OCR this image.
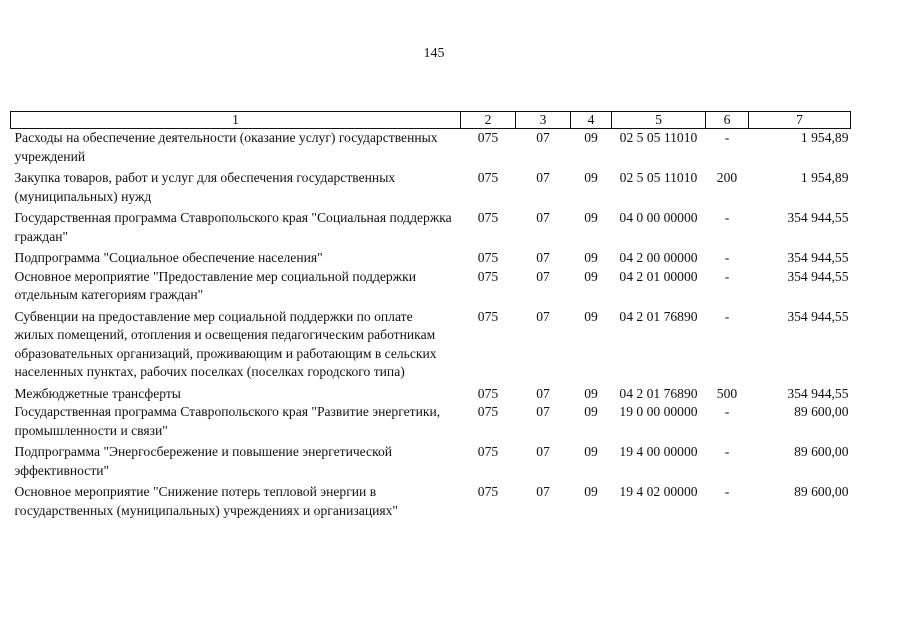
145
1	2	3	4	5	6	7
Расходы на обеспечение деятельности (оказание услуг) государственных учреждений	075	07	09	02 5 05 11010	-	1 954,89
Закупка товаров, работ и услуг для обеспечения государственных (муниципальных) нужд	075	07	09	02 5 05 11010	200	1 954,89
Государственная программа Ставропольского края "Социальная поддержка граждан"	075	07	09	04 0 00 00000	-	354 944,55
Подпрограмма "Социальное обеспечение населения"	075	07	09	04 2 00 00000	-	354 944,55
Основное мероприятие "Предоставление мер социальной поддержки отдельным категориям граждан"	075	07	09	04 2 01 00000	-	354 944,55
Субвенции на предоставление мер социальной поддержки по оплате жилых помещений, отопления и освещения педагогическим работникам образовательных организаций, проживающим и работающим в сельских населенных пунктах, рабочих поселках (поселках городского типа)	075	07	09	04 2 01 76890	-	354 944,55
Межбюджетные трансферты	075	07	09	04 2 01 76890	500	354 944,55
Государственная программа Ставропольского края "Развитие энергетики, промышленности и связи"	075	07	09	19 0 00 00000	-	89 600,00
Подпрограмма "Энергосбережение и повышение энергетической эффективности"	075	07	09	19 4 00 00000	-	89 600,00
Основное мероприятие "Снижение потерь тепловой энергии в государственных (муниципальных) учреждениях и организациях"	075	07	09	19 4 02 00000	-	89 600,00
